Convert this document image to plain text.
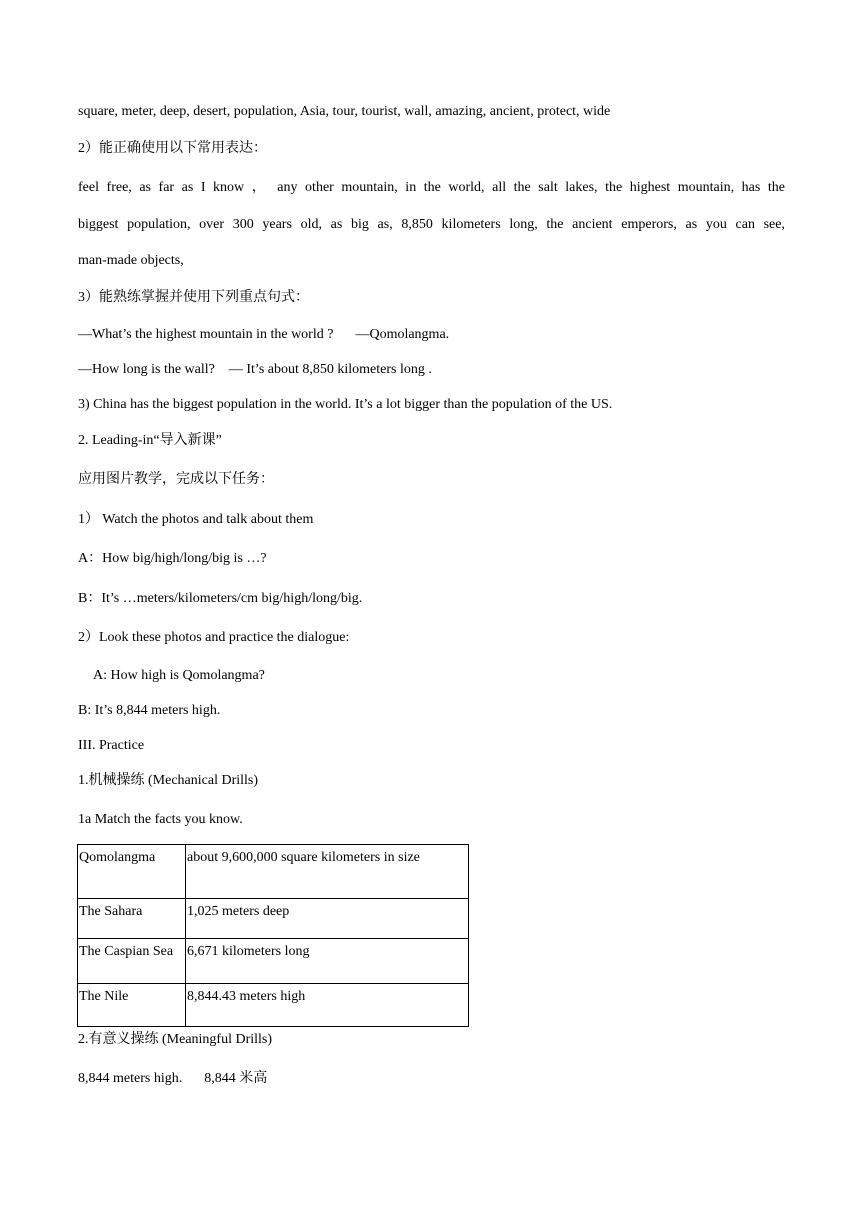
square, meter, deep, desert, population, Asia, tour, tourist, wall, amazing, ancient, protect, wide
2）能正确使用以下常用表达：
feel free, as far as I know ， any other mountain, in the world, all the salt lakes, the highest mountain, has the
biggest population, over 300 years old, as big as, 8,850 kilometers long, the ancient emperors, as you can see,
man-made objects,
3）能熟练掌握并使用下列重点句式：
—What’s the highest mountain in the world ? —Qomolangma.
—How long is the wall? — It’s about 8,850 kilometers long .
3) China has the biggest population in the world. It’s a lot bigger than the population of the US.
2. Leading-in“导入新课”
应用图片教学，完成以下任务：
1） Watch the photos and talk about them
A：How big/high/long/big is …?
B：It’s …meters/kilometers/cm big/high/long/big.
2）Look these photos and practice the dialogue:
A: How high is Qomolangma?
B: It’s 8,844 meters high.
III. Practice
1.机械操练 (Mechanical Drills)
1a Match the facts you know.
Qomolangma	about 9,600,000 square kilometers in size
The Sahara	1,025 meters deep
The Caspian Sea	6,671 kilometers long
The Nile	8,844.43 meters high
2.有意义操练 (Meaningful Drills)
8,844 meters high. 8,844 米高
